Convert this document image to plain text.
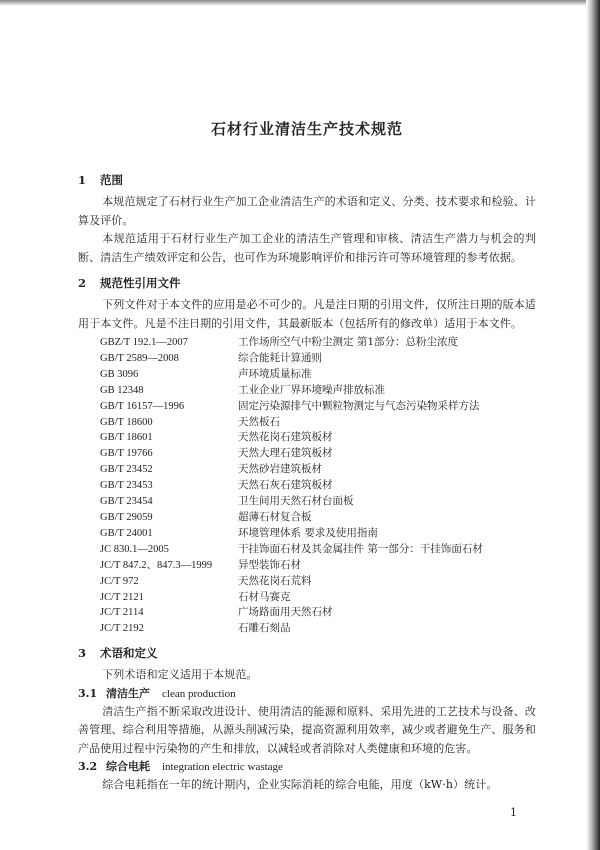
石材行业清洁生产技术规范
1 范围
本规范规定了石材行业生产加工企业清洁生产的术语和定义、分类、技术要求和检验、计算及评价。
本规范适用于石材行业生产加工企业的清洁生产管理和审核、清洁生产潜力与机会的判断、清洁生产绩效评定和公告，也可作为环境影响评价和排污许可等环境管理的参考依据。
2 规范性引用文件
下列文件对于本文件的应用是必不可少的。凡是注日期的引用文件，仅所注日期的版本适用于本文件。凡是不注日期的引用文件，其最新版本（包括所有的修改单）适用于本文件。
GBZ/T 192.1—2007	工作场所空气中粉尘测定 第1部分：总粉尘浓度
GB/T 2589—2008	综合能耗计算通则
GB 3096	声环境质量标准
GB 12348	工业企业厂界环境噪声排放标准
GB/T 16157—1996	固定污染源排气中颗粒物测定与气态污染物采样方法
GB/T 18600	天然板石
GB/T 18601	天然花岗石建筑板材
GB/T 19766	天然大理石建筑板材
GB/T 23452	天然砂岩建筑板材
GB/T 23453	天然石灰石建筑板材
GB/T 23454	卫生间用天然石材台面板
GB/T 29059	超薄石材复合板
GB/T 24001	环境管理体系 要求及使用指南
JC 830.1—2005	干挂饰面石材及其金属挂件 第一部分：干挂饰面石材
JC/T 847.2、847.3—1999	异型装饰石材
JC/T 972	天然花岗石荒料
JC/T 2121	石材马赛克
JC/T 2114	广场路面用天然石材
JC/T 2192	石雕石刻品
3 术语和定义
下列术语和定义适用于本规范。
3.1 清洁生产 clean production
清洁生产指不断采取改进设计、使用清洁的能源和原料、采用先进的工艺技术与设备、改善管理、综合利用等措施，从源头削减污染，提高资源利用效率，减少或者避免生产、服务和产品使用过程中污染物的产生和排放，以减轻或者消除对人类健康和环境的危害。
3.2 综合电耗 integration electric wastage
综合电耗指在一年的统计期内，企业实际消耗的综合电能，用度（kW·h）统计。
1
